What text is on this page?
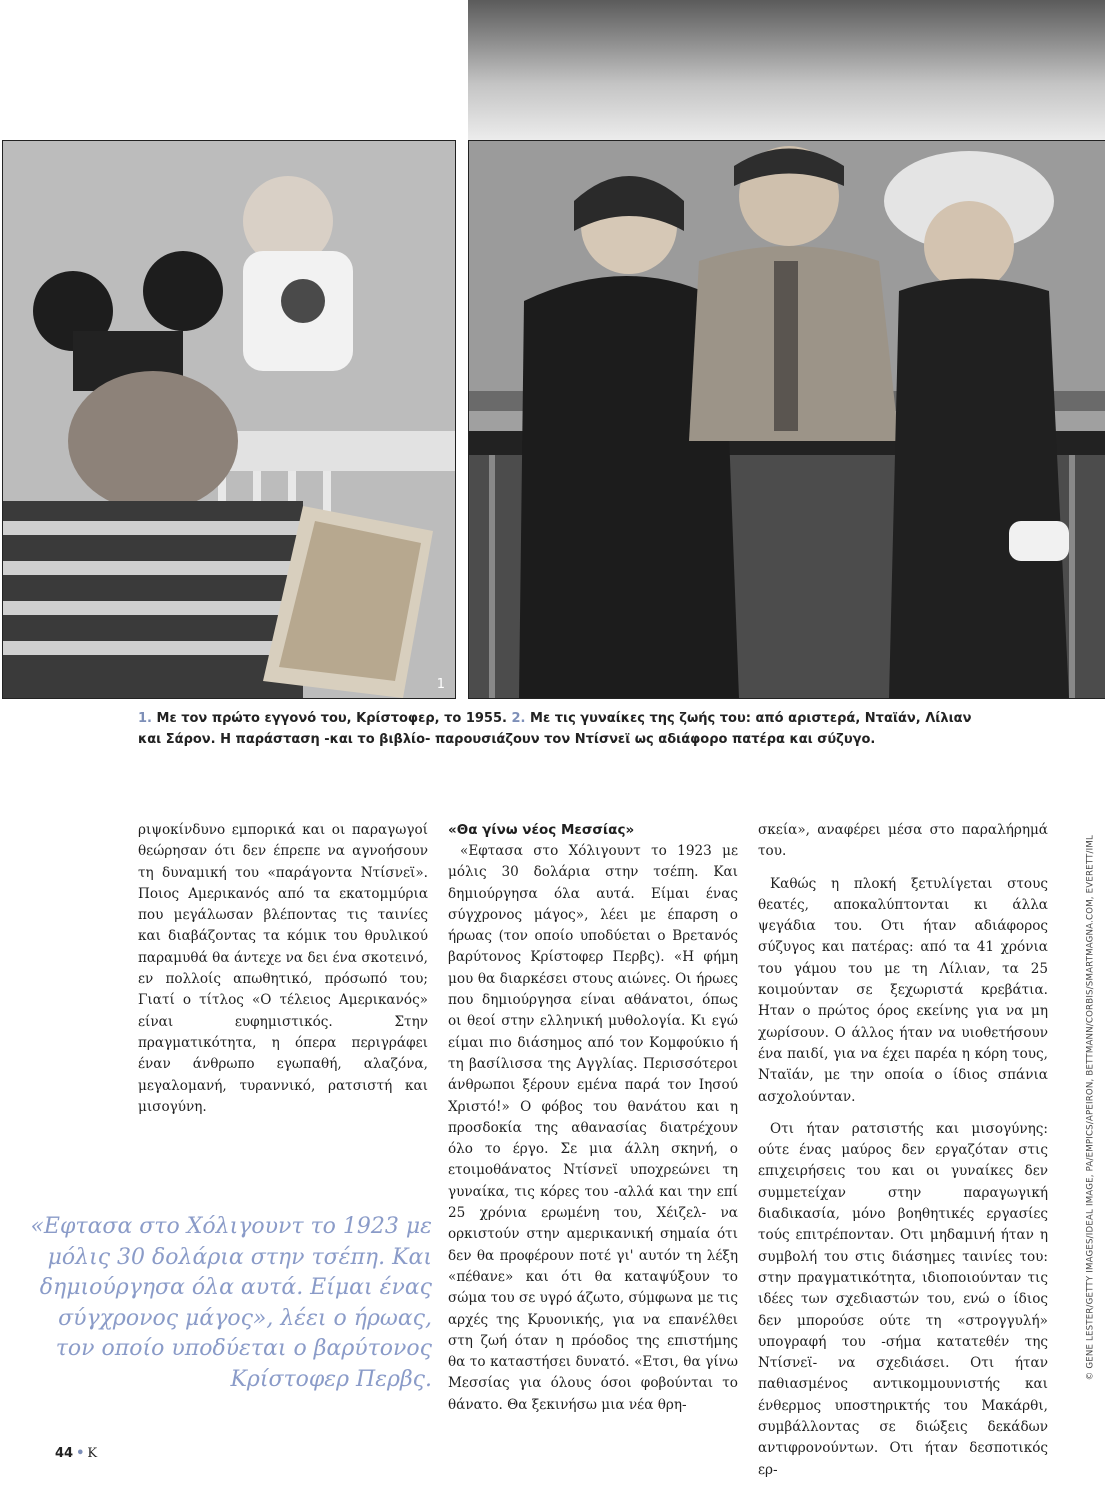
1
1. Με τον πρώτο εγγονό του, Κρίστοφερ, το 1955. 2. Με τις γυναίκες της ζωής του: από αριστερά, Νταϊάν, Λίλιαν και Σάρον. Η παράσταση -και το βιβλίο- παρουσιάζουν τον Ντίσνεϊ ως αδιάφορο πατέρα και σύζυγο.

ριψοκίνδυνο εμπορικά και οι παραγωγοί θεώρησαν ότι δεν έπρεπε να αγνοήσουν τη δυναμική του «παράγοντα Ντίσνεϊ». Ποιος Αμερικανός από τα εκατομμύρια που μεγάλωσαν βλέποντας τις ταινίες και διαβάζοντας τα κόμικ του θρυλικού παραμυθά θα άντεχε να δει ένα σκοτεινό, εν πολλοίς απωθητικό, πρόσωπό του; Γιατί ο τίτλος «Ο τέλειος Αμερικανός» είναι ευφημιστικός. Στην πραγματικότητα, η όπερα περιγράφει έναν άνθρωπο εγωπαθή, αλαζόνα, μεγαλομανή, τυραννικό, ρατσιστή και μισογύνη.

«Θα γίνω νέος Μεσσίας»

«Εφτασα στο Χόλιγουντ το 1923 με μόλις 30 δολάρια στην τσέπη. Και δημιούργησα όλα αυτά. Είμαι ένας σύγχρονος μάγος», λέει με έπαρση ο ήρωας (τον οποίο υποδύεται ο Βρετανός βαρύτονος Κρίστοφερ Περβς). «Η φήμη μου θα διαρκέσει στους αιώνες. Οι ήρωες που δημιούργησα είναι αθάνατοι, όπως οι θεοί στην ελληνική μυθολογία. Κι εγώ είμαι πιο διάσημος από τον Κομφούκιο ή τη βασίλισσα της Αγγλίας. Περισσότεροι άνθρωποι ξέρουν εμένα παρά τον Ιησού Χριστό!» Ο φόβος του θανάτου και η προσδοκία της αθανασίας διατρέχουν όλο το έργο. Σε μια άλλη σκηνή, ο ετοιμοθάνατος Ντίσνεϊ υποχρεώνει τη γυναίκα, τις κόρες του -αλλά και την επί 25 χρόνια ερωμένη του, Χέιζελ- να ορκιστούν στην αμερικανική σημαία ότι δεν θα προφέρουν ποτέ γι' αυτόν τη λέξη «πέθανε» και ότι θα καταψύξουν το σώμα του σε υγρό άζωτο, σύμφωνα με τις αρχές της Κρυονικής, για να επανέλθει στη ζωή όταν η πρόοδος της επιστήμης θα το καταστήσει δυνατό. «Ετσι, θα γίνω Μεσσίας για όλους όσοι φοβούνται το θάνατο. Θα ξεκινήσω μια νέα θρη-

σκεία», αναφέρει μέσα στο παραλήρημά του.

Καθώς η πλοκή ξετυλίγεται στους θεατές, αποκαλύπτονται κι άλλα ψεγάδια του. Οτι ήταν αδιάφορος σύζυγος και πατέρας: από τα 41 χρόνια του γάμου του με τη Λίλιαν, τα 25 κοιμούνταν σε ξεχωριστά κρεβάτια. Ηταν ο πρώτος όρος εκείνης για να μη χωρίσουν. Ο άλλος ήταν να υιοθετήσουν ένα παιδί, για να έχει παρέα η κόρη τους, Νταϊάν, με την οποία ο ίδιος σπάνια ασχολούνταν.

Οτι ήταν ρατσιστής και μισογύνης: ούτε ένας μαύρος δεν εργαζόταν στις επιχειρήσεις του και οι γυναίκες δεν συμμετείχαν στην παραγωγική διαδικασία, μόνο βοηθητικές εργασίες τούς επιτρέπονταν. Οτι μηδαμινή ήταν η συμβολή του στις διάσημες ταινίες του: στην πραγματικότητα, ιδιοποιούνταν τις ιδέες των σχεδιαστών του, ενώ ο ίδιος δεν μπορούσε ούτε τη «στρογγυλή» υπογραφή του -σήμα κατατεθέν της Ντίσνεϊ- να σχεδιάσει. Οτι ήταν παθιασμένος αντικομμουνιστής και ένθερμος υποστηρικτής του Μακάρθι, συμβάλλοντας σε διώξεις δεκάδων αντιφρονούντων. Οτι ήταν δεσποτικός ερ-

«Εφτασα στο Χόλιγουντ το 1923 με μόλις 30 δολάρια στην τσέπη. Και δημιούργησα όλα αυτά. Είμαι ένας σύγχρονος μάγος», λέει ο ήρωας, τον οποίο υποδύεται ο βαρύτονος Κρίστοφερ Περβς.	© GENE LESTER/GETTY IMAGES/IDEAL IMAGE, PA/EMPICS/APEIRON, BETTMANN/CORBIS/SMARTMAGNA.COM, EVERETT/IML
44 • K
